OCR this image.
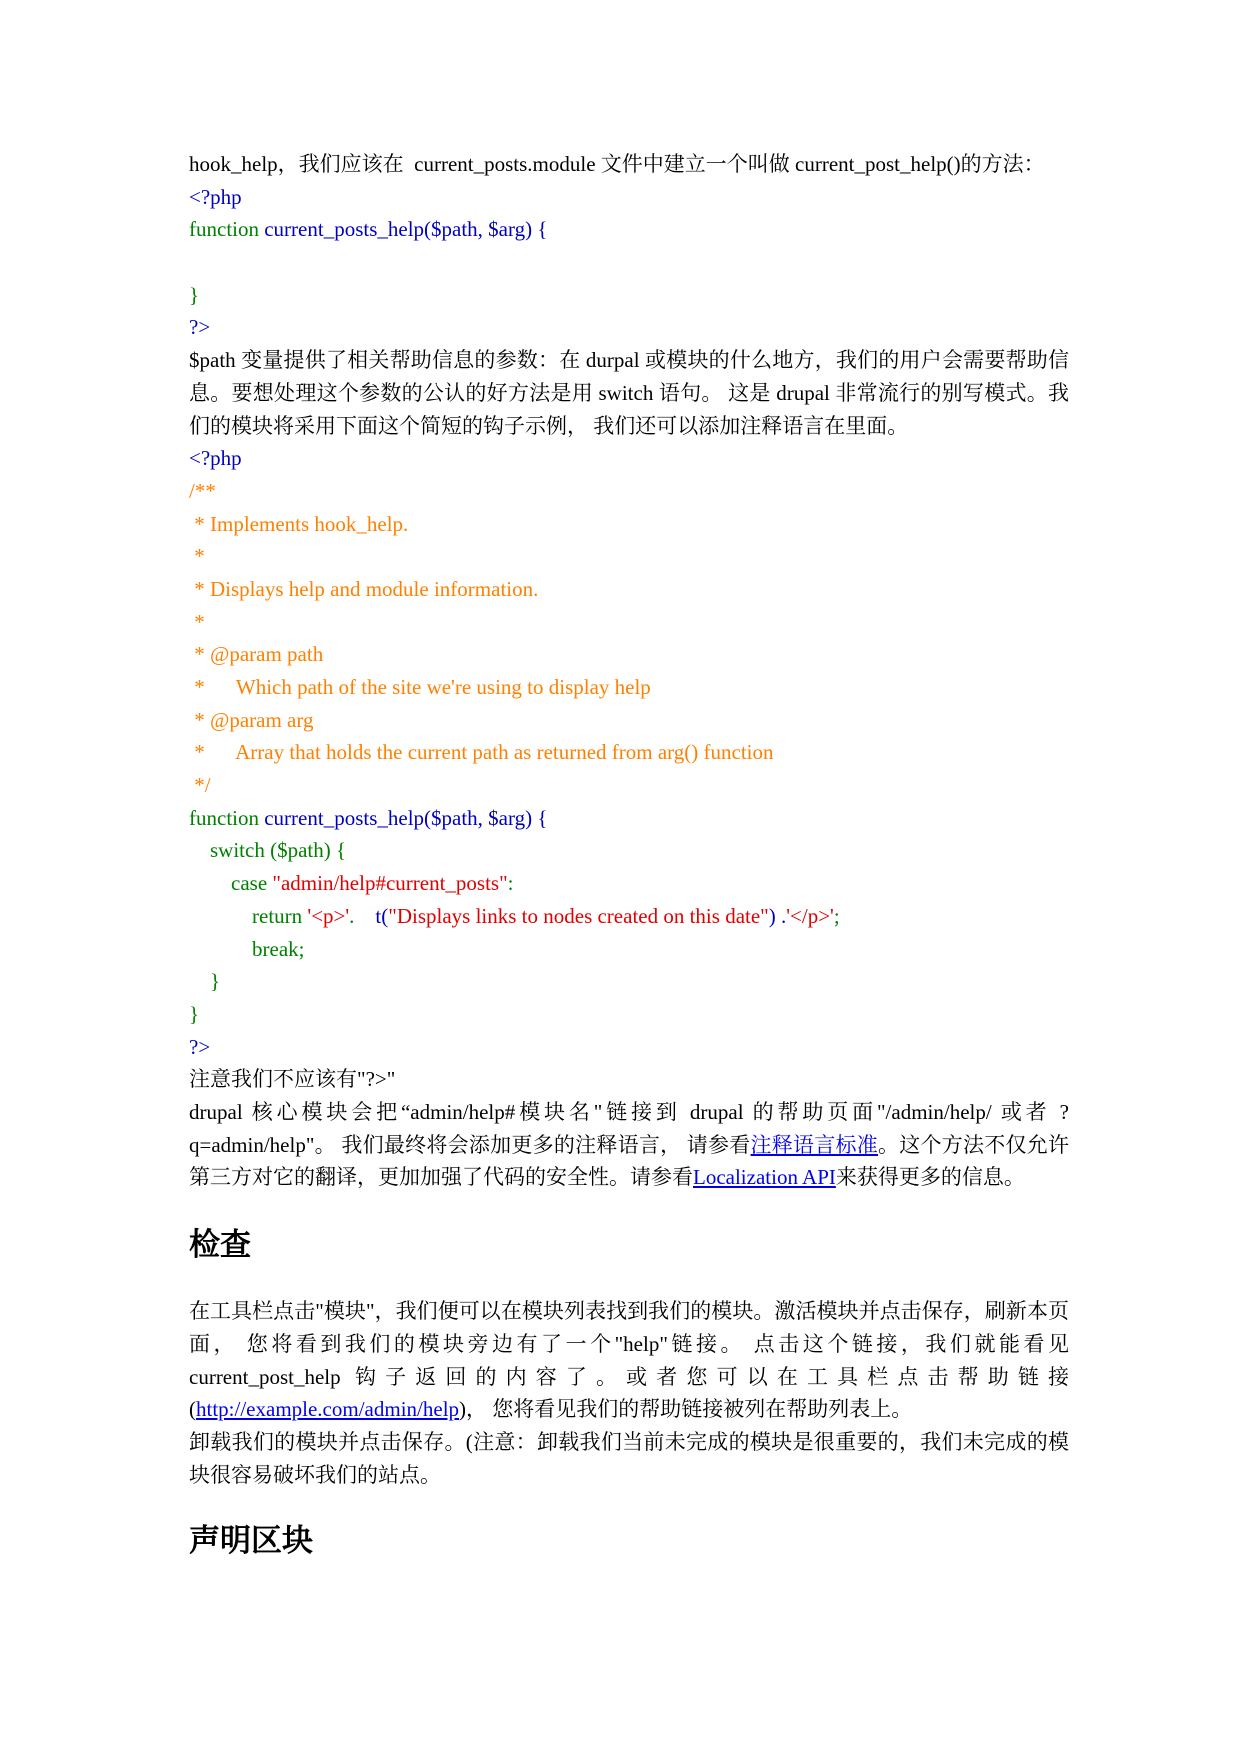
hook_help，我们应该在 current_posts.module 文件中建立一个叫做 current_post_help()的方法：
<?php
function current_posts_help($path, $arg) {
}
?>
$path 变量提供了相关帮助信息的参数：在 durpal 或模块的什么地方，我们的用户会需要帮助信息。要想处理这个参数的公认的好方法是用 switch 语句。 这是 drupal 非常流行的别写模式。我们的模块将采用下面这个简短的钩子示例， 我们还可以添加注释语言在里面。
<?php
/**
* Implements hook_help.
*
* Displays help and module information.
*
* @param path
*      Which path of the site we're using to display help
* @param arg
*      Array that holds the current path as returned from arg() function
*/
function current_posts_help($path, $arg) {
switch ($path) {
case "admin/help#current_posts":
return '<p>'. t("Displays links to nodes created on this date") .'</p>';
break;
}
}
?>
注意我们不应该有"?>"
drupal 核心模块会把“admin/help#模块名"链接到 drupal 的帮助页面"/admin/help/ 或者 ?q=admin/help"。 我们最终将会添加更多的注释语言， 请参看注释语言标准。这个方法不仅允许第三方对它的翻译，更加加强了代码的安全性。请参看Localization API来获得更多的信息。
检查
在工具栏点击"模块"，我们便可以在模块列表找到我们的模块。激活模块并点击保存，刷新本页面， 您将看到我们的模块旁边有了一个"help"链接。 点击这个链接，我们就能看见 current_post_help 钩子返回的内容了。或者您可以在工具栏点击帮助链接(http://example.com/admin/help)， 您将看见我们的帮助链接被列在帮助列表上。
卸载我们的模块并点击保存。(注意：卸载我们当前未完成的模块是很重要的，我们未完成的模块很容易破坏我们的站点。
声明区块
